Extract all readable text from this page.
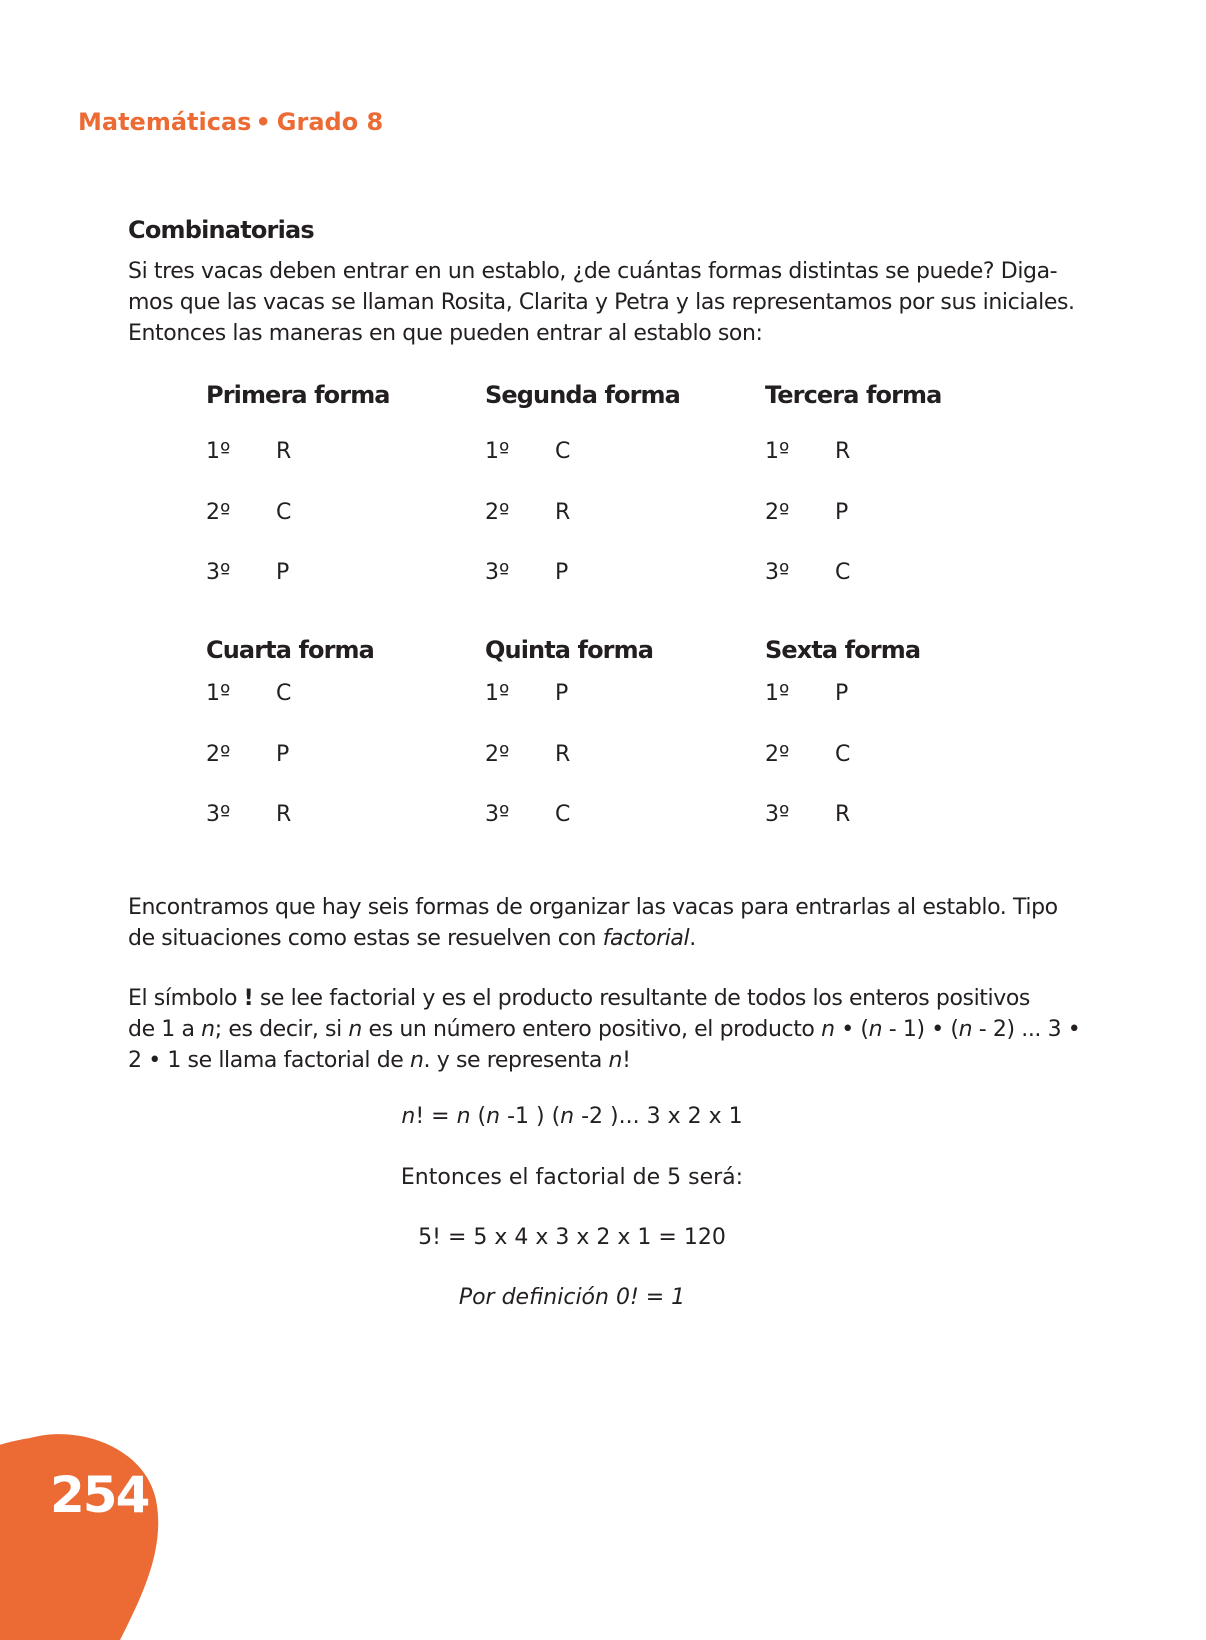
Matemáticas • Grado 8
Combinatorias
Si tres vacas deben entrar en un establo, ¿de cuántas formas distintas se puede? Diga-
mos que las vacas se llaman Rosita, Clarita y Petra y las representamos por sus iniciales.
Entonces las maneras en que pueden entrar al establo son:
Primera forma
1º R
2º C
3º P
Segunda forma
1º C
2º R
3º P
Tercera forma
1º R
2º P
3º C
Cuarta forma
1º C
2º P
3º R
Quinta forma
1º P
2º R
3º C
Sexta forma
1º P
2º C
3º R
Encontramos que hay seis formas de organizar las vacas para entrarlas al establo. Tipo
de situaciones como estas se resuelven con factorial.
El símbolo ! se lee factorial y es el producto resultante de todos los enteros positivos
de 1 a n; es decir, si n es un número entero positivo, el producto n • (n - 1) • (n - 2) ... 3 •
2 • 1 se llama factorial de n. y se representa n!
n! = n (n -1 ) (n -2 )... 3 x 2 x 1
Entonces el factorial de 5 será:
5! = 5 x 4 x 3 x 2 x 1 = 120
Por definición 0! = 1
254
